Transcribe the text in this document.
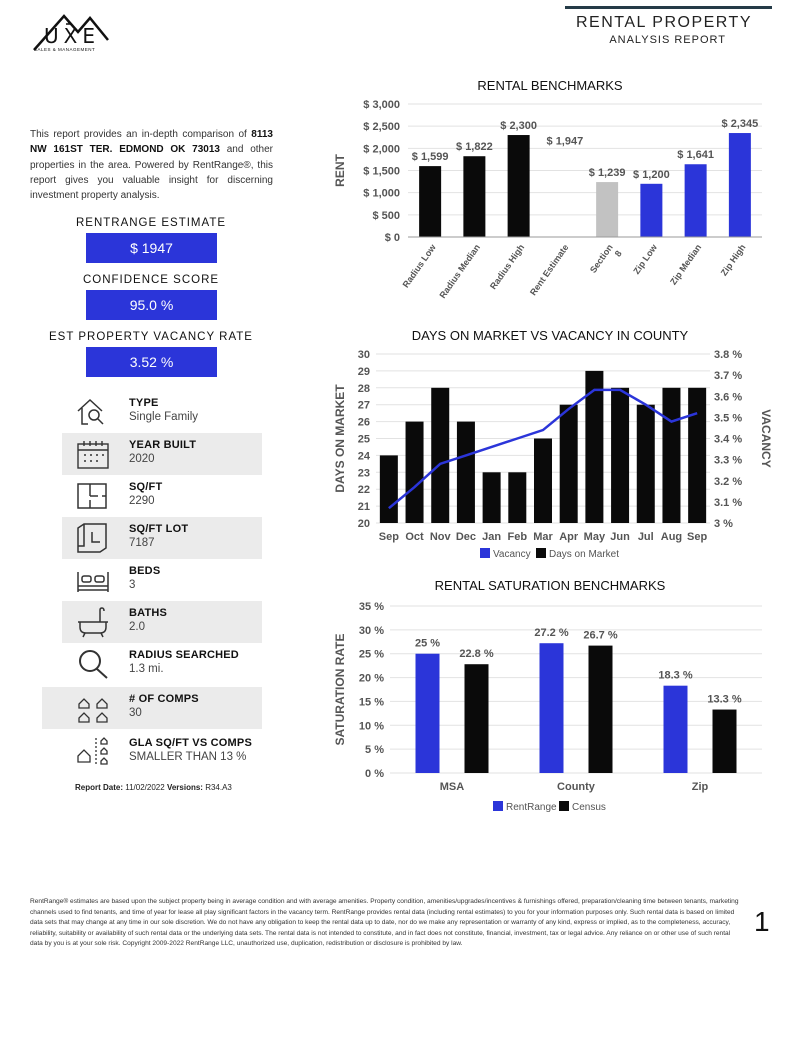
UXE
SALES & MANAGEMENT
RENTAL PROPERTY
ANALYSIS REPORT

This report provides an in-depth comparison of 8113 NW 161ST TER. EDMOND OK 73013 and other properties in the area. Powered by RentRange®, this report gives you valuable insight for discerning investment property analysis.

RENTRANGE ESTIMATE
$ 1947
CONFIDENCE SCORE
95.0 %
EST PROPERTY VACANCY RATE
3.52 %
TYPE
Single Family
YEAR BUILT
2020
SQ/FT
2290
SQ/FT LOT
7187
BEDS
3
BATHS
2.0
RADIUS SEARCHED
1.3 mi.
# OF COMPS
30
GLA SQ/FT VS COMPS
SMALLER THAN 13 %
Report Date: 11/02/2022 Versions: R34.A3
RENTAL BENCHMARKS
$ 0
$ 500
$ 1,000
$ 1,500
$ 2,000
$ 2,500
$ 3,000
RENT	$ 1,599
Radius Low
$ 1,822
Radius Median
$ 2,300
Radius High
$ 1,947
Rent Estimate
$ 1,239
Section8
$ 1,200
Zip Low
$ 1,641
Zip Median
$ 2,345
Zip High
DAYS ON MARKET VS VACANCY IN COUNTY
20
21
22
23
24
25
26
27
28
29
30
3 %
3.1 %
3.2 %
3.3 %
3.4 %
3.5 %
3.6 %
3.7 %
3.8 %
DAYS ON MARKET	VACANCY
Sep Oct Nov Dec Jan Feb Mar Apr May Jun Jul Aug Sep
Vacancy Days on Market
RENTAL SATURATION BENCHMARKS
0 %
5 %
10 %
15 %
20 %
25 %
30 %
35 %
SATURATION RATE	25 %
22.8 %
MSA
27.2 % 26.7 %
County
18.3 %
13.3 %
Zip
RentRange Census
RentRange® estimates are based upon the subject property being in average condition and with average amenities. Property condition, amenities/upgrades/incentives & furnishings offered, preparation/cleaning time between tenants, marketing channels used to find tenants, and time of year for lease all play significant factors in the vacancy term. RentRange provides rental data (including rental estimates) to you for your information purposes only. Such rental data is based on limited data sets that may change at any time in our sole discretion. We do not have any obligation to keep the rental data up to date, nor do we make any representation or warranty of any kind, express or implied, as to the completeness, accuracy, reliability, suitability or availability of such rental data or the underlying data sets. The rental data is not intended to constitute, and in fact does not constitute, financial, investment, tax or legal advice. Any reliance on or other use of such rental data by you is at your sole risk. Copyright 2009-2022 RentRange LLC, unauthorized use, duplication, redistribution or disclosure is prohibited by law.
1
